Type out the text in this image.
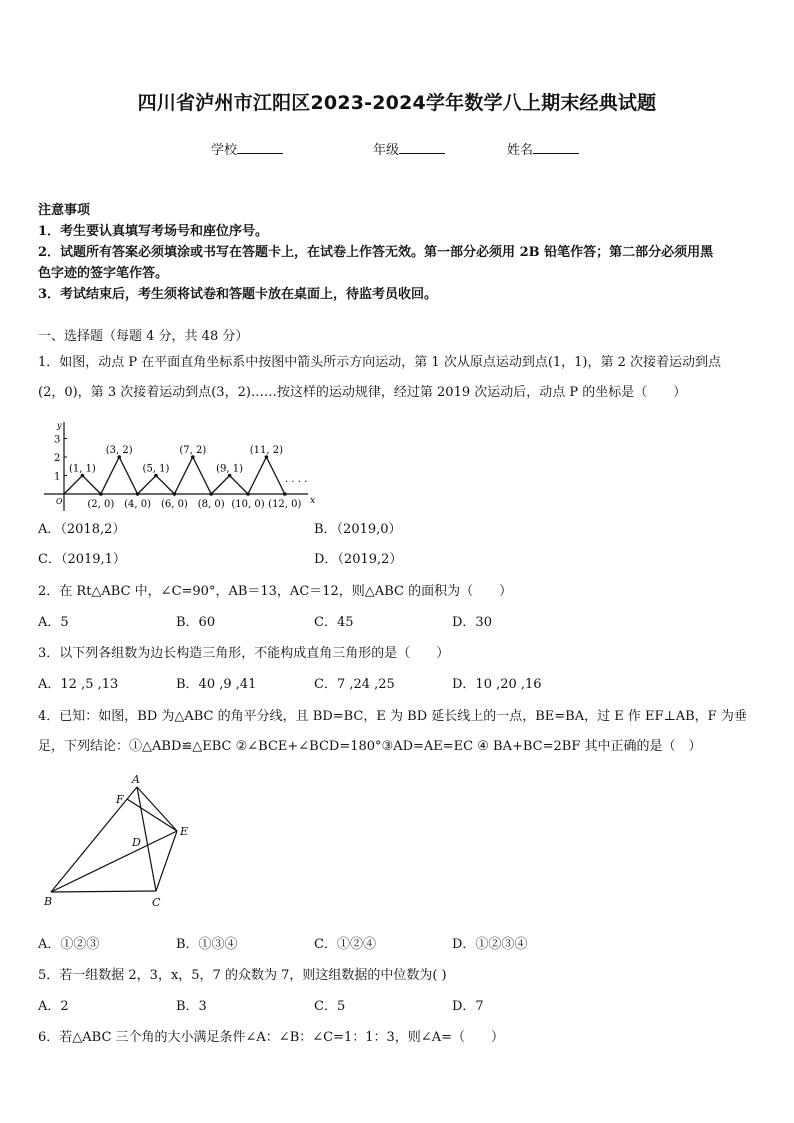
四川省泸州市江阳区2023-2024学年数学八上期末经典试题
学校	年级	姓名
注意事项
1．考生要认真填写考场号和座位序号。
2．试题所有答案必须填涂或书写在答题卡上，在试卷上作答无效。第一部分必须用 2B 铅笔作答；第二部分必须用黑
色字迹的签字笔作答。
3．考试结束后，考生须将试卷和答题卡放在桌面上，待监考员收回。
一、选择题（每题 4 分，共 48 分）
1．如图，动点 P 在平面直角坐标系中按图中箭头所示方向运动，第 1 次从原点运动到点(1，1)，第 2 次接着运动到点
(2，0)，第 3 次接着运动到点(3，2)……按这样的运动规律，经过第 2019 次运动后，动点 P 的坐标是（　　）
x
y
O
1
2
3
(1, 1)
(2, 0)
(3, 2)
(4, 0)
(5, 1)
(6, 0)
(7, 2)
(8, 0)
(9, 1)
(10, 0)
(11, 2)
(12, 0)
· · · ·
A．（2018,2）	B．（2019,0）
C．（2019,1）	D．（2019,2）
2．在 Rt△ABC 中，∠C=90°，AB＝13，AC＝12，则△ABC 的面积为（　　）
A．5	B．60	C．45	D．30
3．以下列各组数为边长构造三角形，不能构成直角三角形的是（　　）
A．12 ,5 ,13	B．40 ,9 ,41	C．7 ,24 ,25	D．10 ,20 ,16
4．已知：如图，BD 为△ABC 的角平分线，且 BD=BC，E 为 BD 延长线上的一点，BE=BA，过 E 作 EF⊥AB，F 为垂
足，下列结论：①△ABD≌△EBC ②∠BCE+∠BCD=180°③AD=AE=EC ④ BA+BC=2BF 其中正确的是（　）
A
F
E
D
B	C
A．①②③	B．①③④	C．①②④	D．①②③④
5．若一组数据 2，3，x，5，7 的众数为 7，则这组数据的中位数为( )
A．2	B．3	C．5	D．7
6．若△ABC 三个角的大小满足条件∠A：∠B：∠C=1：1：3，则∠A=（　　）
